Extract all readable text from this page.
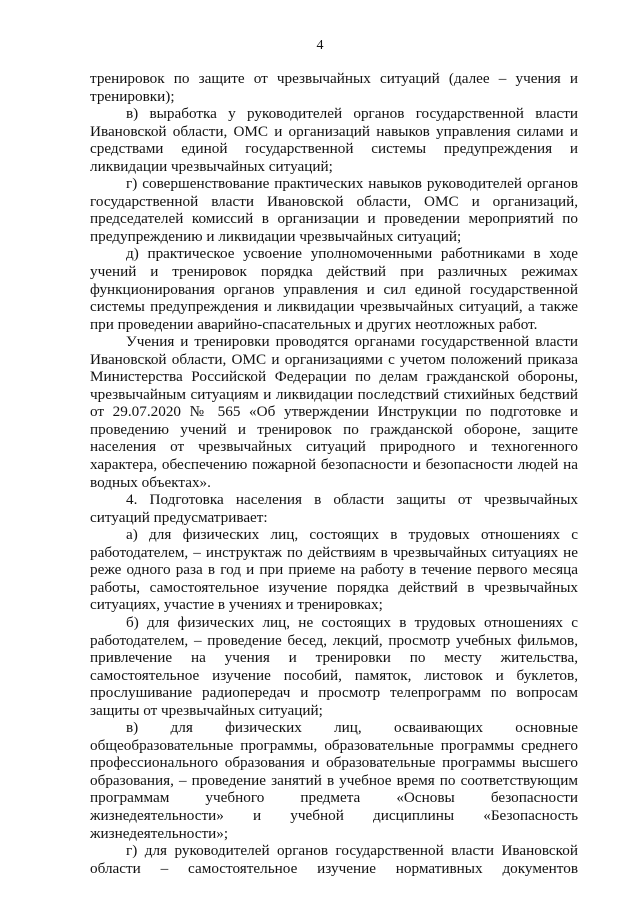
4

тренировок по защите от чрезвычайных ситуаций (далее – учения и тренировки);

в) выработка у руководителей органов государственной власти Ивановской области, ОМС и организаций навыков управления силами и средствами единой государственной системы предупреждения и ликвидации чрезвычайных ситуаций;

г) совершенствование практических навыков руководителей органов государственной власти Ивановской области, ОМС и организаций, председателей комиссий в организации и проведении мероприятий по предупреждению и ликвидации чрезвычайных ситуаций;

д) практическое усвоение уполномоченными работниками в ходе учений и тренировок порядка действий при различных режимах функционирования органов управления и сил единой государственной системы предупреждения и ликвидации чрезвычайных ситуаций, а также при проведении аварийно-спасательных и других неотложных работ.

Учения и тренировки проводятся органами государственной власти Ивановской области, ОМС и организациями с учетом положений приказа Министерства Российской Федерации по делам гражданской обороны, чрезвычайным ситуациям и ликвидации последствий стихийных бедствий от 29.07.2020 № 565 «Об утверждении Инструкции по подготовке и проведению учений и тренировок по гражданской обороне, защите населения от чрезвычайных ситуаций природного и техногенного характера, обеспечению пожарной безопасности и безопасности людей на водных объектах».

4. Подготовка населения в области защиты от чрезвычайных ситуаций предусматривает:

а) для физических лиц, состоящих в трудовых отношениях с работодателем, – инструктаж по действиям в чрезвычайных ситуациях не реже одного раза в год и при приеме на работу в течение первого месяца работы, самостоятельное изучение порядка действий в чрезвычайных ситуациях, участие в учениях и тренировках;

б) для физических лиц, не состоящих в трудовых отношениях с работодателем, – проведение бесед, лекций, просмотр учебных фильмов, привлечение на учения и тренировки по месту жительства, самостоятельное изучение пособий, памяток, листовок и буклетов, прослушивание радиопередач и просмотр телепрограмм по вопросам защиты от чрезвычайных ситуаций;

в) для физических лиц, осваивающих основные общеобразовательные программы, образовательные программы среднего профессионального образования и образовательные программы высшего образования, – проведение занятий в учебное время по соответствующим программам учебного предмета «Основы безопасности жизнедеятельности» и учебной дисциплины «Безопасность жизнедеятельности»;

г) для руководителей органов государственной власти Ивановской области – самостоятельное изучение нормативных документов
